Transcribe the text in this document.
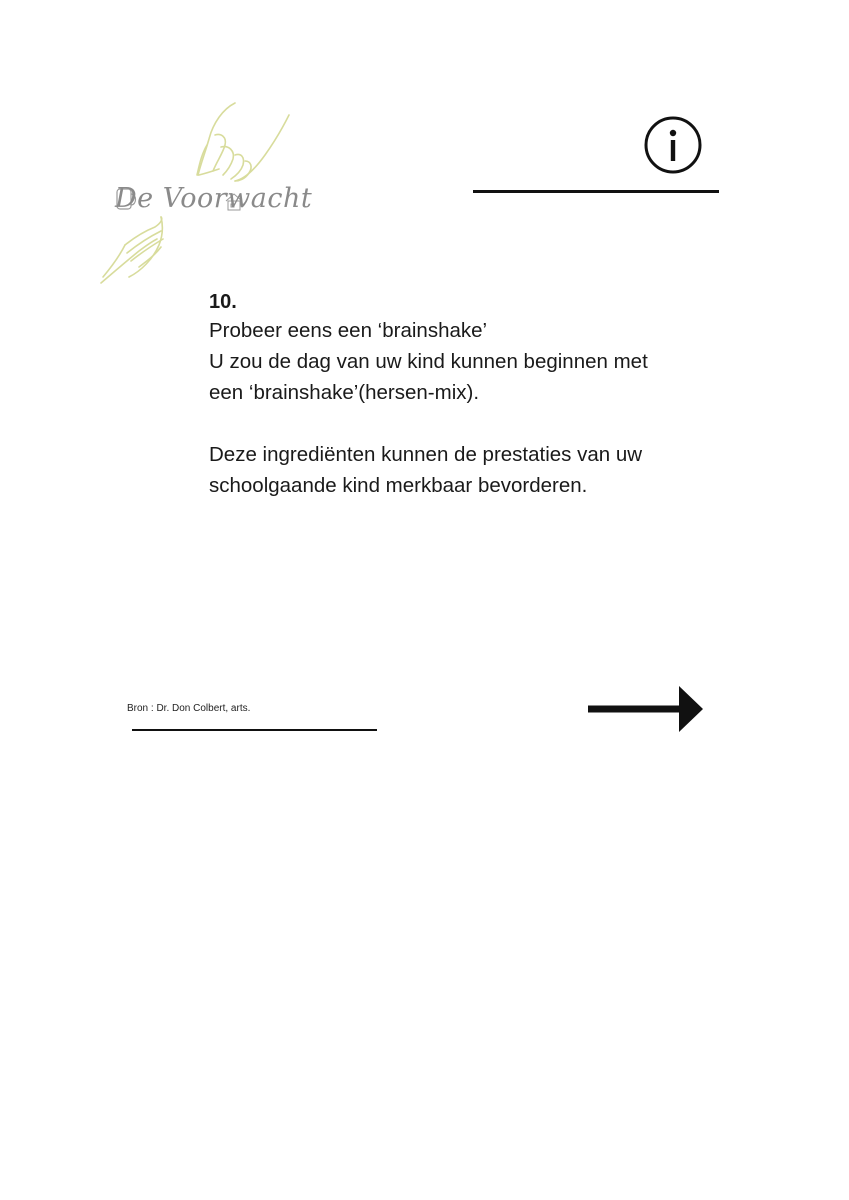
De Voorwacht

10.

Probeer eens een ‘brainshake’

U zou de dag van uw kind kunnen beginnen met

een ‘brainshake’(hersen-mix).

Deze ingrediënten kunnen de prestaties van uw

schoolgaande kind merkbaar bevorderen.

Bron : Dr. Don Colbert, arts.
